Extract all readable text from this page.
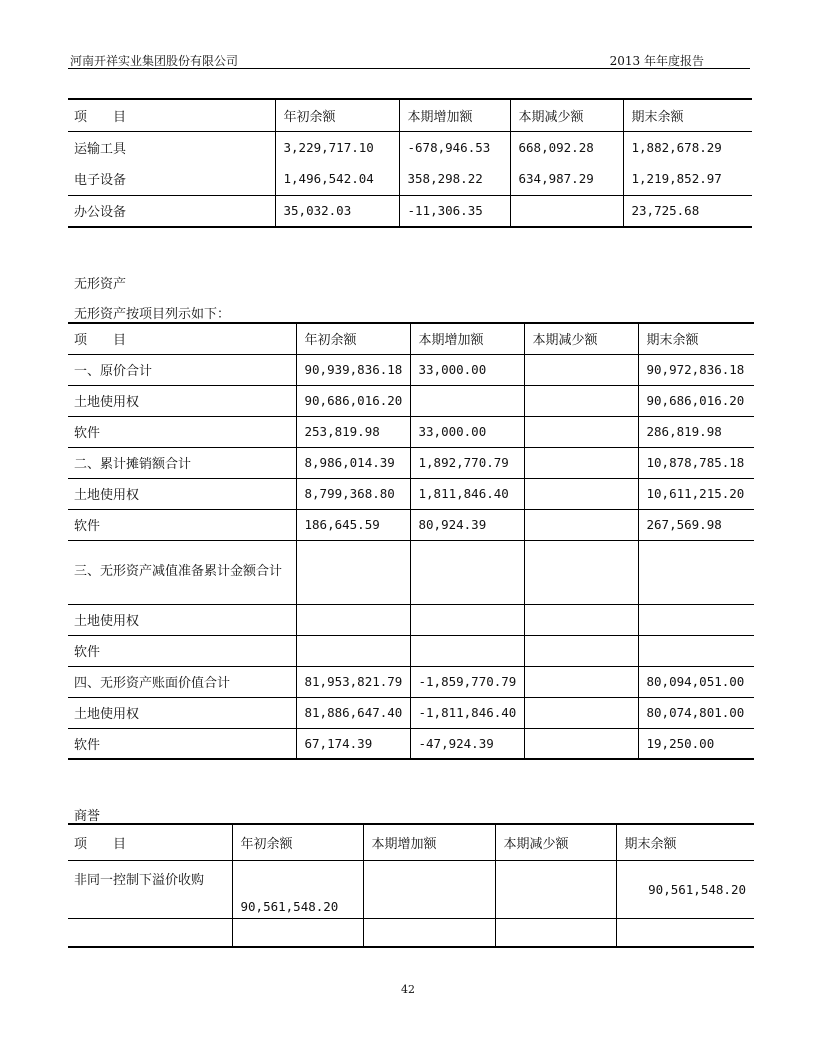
河南开祥实业集团股份有限公司	2013 年年度报告
项　　目	年初余额	本期增加额	本期减少额	期末余额
运输工具	3,229,717.10	-678,946.53	668,092.28	1,882,678.29
电子设备	1,496,542.04	358,298.22	634,987.29	1,219,852.97
办公设备	35,032.03	-11,306.35		23,725.68
无形资产
无形资产按项目列示如下：
项　　目	年初余额	本期增加额	本期减少额	期末余额
一、原价合计	90,939,836.18	33,000.00		90,972,836.18
土地使用权	90,686,016.20			90,686,016.20
软件	253,819.98	33,000.00		286,819.98
二、累计摊销额合计	8,986,014.39	1,892,770.79		10,878,785.18
土地使用权	8,799,368.80	1,811,846.40		10,611,215.20
软件	186,645.59	80,924.39		267,569.98
三、无形资产减值准备累计金额合计				
土地使用权				
软件				
四、无形资产账面价值合计	81,953,821.79	-1,859,770.79		80,094,051.00
土地使用权	81,886,647.40	-1,811,846.40		80,074,801.00
软件	67,174.39	-47,924.39		19,250.00
商誉
项　　目	年初余额	本期增加额	本期减少额	期末余额
非同一控制下溢价收购	90,561,548.20			90,561,548.20

42
